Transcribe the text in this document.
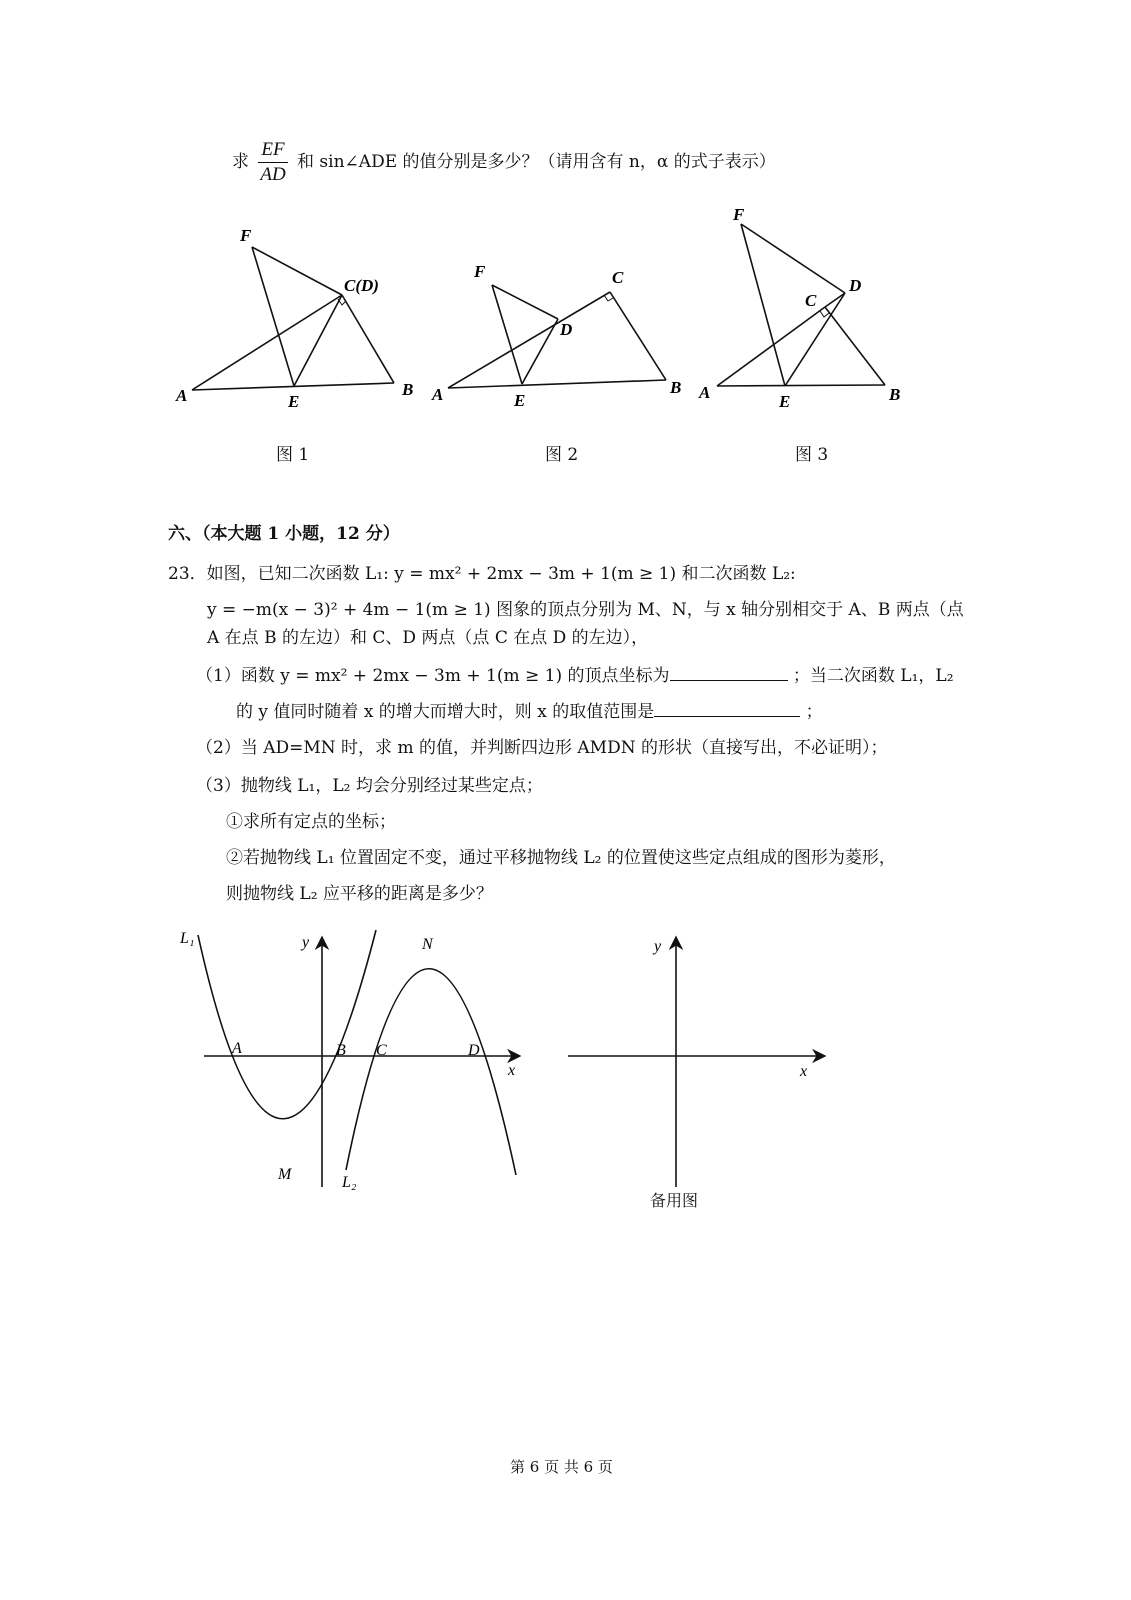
求 $\frac{EF}{AD}$ 和 sin∠ADE 的值分别是多少？（请用含有 n，α 的式子表示）
F
C(D)
A	E
B
图 1
F	C
D
A	E
B
图 2
F
C
D
A	E	B
图 3
六、（本大题 1 小题，12 分）
23．如图，已知二次函数 L₁: y = mx² + 2mx − 3m + 1(m ≥ 1) 和二次函数 L₂:
y = −m(x − 3)² + 4m − 1(m ≥ 1) 图象的顶点分别为 M、N，与 x 轴分别相交于 A、B 两点（点
A 在点 B 的左边）和 C、D 两点（点 C 在点 D 的左边），
（1）函数 y = mx² + 2mx − 3m + 1(m ≥ 1) 的顶点坐标为	；当二次函数 L₁，L₂
的 y 值同时随着 x 的增大而增大时，则 x 的取值范围是	；
（2）当 AD=MN 时，求 m 的值，并判断四边形 AMDN 的形状（直接写出，不必证明）；
（3）抛物线 L₁，L₂ 均会分别经过某些定点；
①求所有定点的坐标；
②若抛物线 L₁ 位置固定不变，通过平移抛物线 L₂ 的位置使这些定点组成的图形为菱形，
则抛物线 L₂ 应平移的距离是多少？
L₁	y
x
A	B C	D
M
N
L₂
y
x
备用图
第 6 页 共 6 页
